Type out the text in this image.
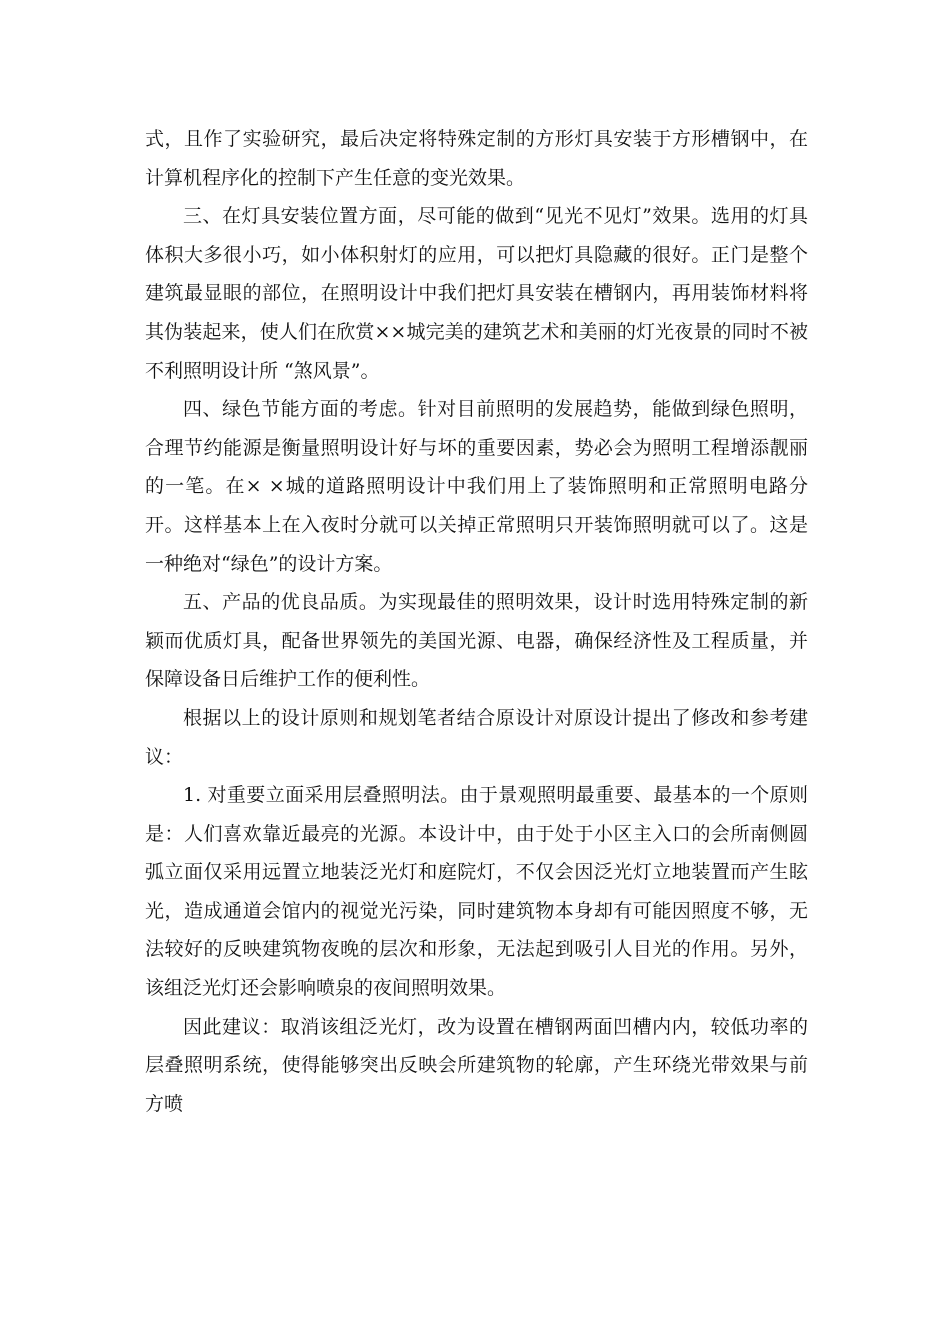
式，且作了实验研究，最后决定将特殊定制的方形灯具安装于方形槽钢中，在计算机程序化的控制下产生任意的变光效果。

三、在灯具安装位置方面，尽可能的做到“见光不见灯”效果。选用的灯具体积大多很小巧，如小体积射灯的应用，可以把灯具隐藏的很好。正门是整个建筑最显眼的部位，在照明设计中我们把灯具安装在槽钢内，再用装饰材料将其伪装起来，使人们在欣赏××城完美的建筑艺术和美丽的灯光夜景的同时不被不利照明设计所 “煞风景”。

四、绿色节能方面的考虑。针对目前照明的发展趋势，能做到绿色照明，合理节约能源是衡量照明设计好与坏的重要因素，势必会为照明工程增添靓丽的一笔。在× ×城的道路照明设计中我们用上了装饰照明和正常照明电路分开。这样基本上在入夜时分就可以关掉正常照明只开装饰照明就可以了。这是一种绝对“绿色”的设计方案。

五、产品的优良品质。为实现最佳的照明效果，设计时选用特殊定制的新颖而优质灯具，配备世界领先的美国光源、电器，确保经济性及工程质量，并保障设备日后维护工作的便利性。

根据以上的设计原则和规划笔者结合原设计对原设计提出了修改和参考建议：

1. 对重要立面采用层叠照明法。由于景观照明最重要、最基本的一个原则是：人们喜欢靠近最亮的光源。本设计中，由于处于小区主入口的会所南侧圆弧立面仅采用远置立地装泛光灯和庭院灯，不仅会因泛光灯立地装置而产生眩光，造成通道会馆内的视觉光污染，同时建筑物本身却有可能因照度不够，无法较好的反映建筑物夜晚的层次和形象，无法起到吸引人目光的作用。另外，该组泛光灯还会影响喷泉的夜间照明效果。

因此建议：取消该组泛光灯，改为设置在槽钢两面凹槽内内，较低功率的层叠照明系统，使得能够突出反映会所建筑物的轮廓，产生环绕光带效果与前方喷
